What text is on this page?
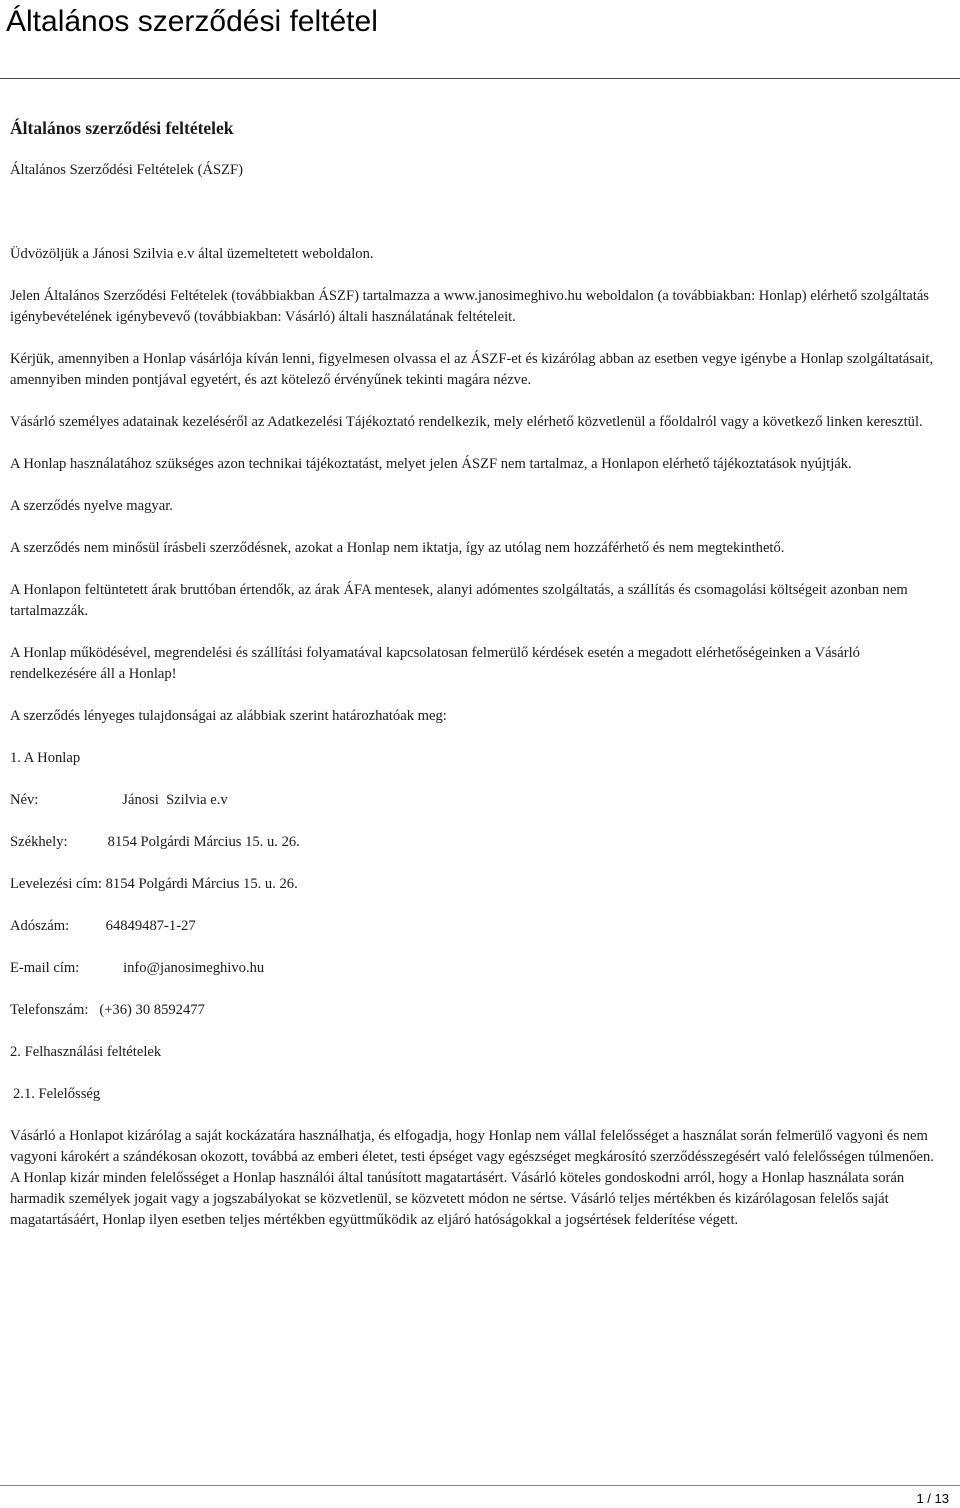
Általános szerződési feltétel
Általános szerződési feltételek

Általános Szerződési Feltételek (ÁSZF)

Üdvözöljük a Jánosi Szilvia e.v által üzemeltetett weboldalon.

Jelen Általános Szerződési Feltételek (továbbiakban ÁSZF) tartalmazza a www.janosimeghivo.hu weboldalon (a továbbiakban: Honlap) elérhető szolgáltatás igénybevételének igénybevevő (továbbiakban: Vásárló) általi használatának feltételeit.

Kérjük, amennyiben a Honlap vásárlója kíván lenni, figyelmesen olvassa el az ÁSZF-et és kizárólag abban az esetben vegye igénybe a Honlap szolgáltatásait, amennyiben minden pontjával egyetért, és azt kötelező érvényűnek tekinti magára nézve.

Vásárló személyes adatainak kezeléséről az Adatkezelési Tájékoztató rendelkezik, mely elérhető közvetlenül a főoldalról vagy a következő linken keresztül.

A Honlap használatához szükséges azon technikai tájékoztatást, melyet jelen ÁSZF nem tartalmaz, a Honlapon elérhető tájékoztatások nyújtják.

A szerződés nyelve magyar.

A szerződés nem minősül írásbeli szerződésnek, azokat a Honlap nem iktatja, így az utólag nem hozzáférhető és nem megtekinthető.

A Honlapon feltüntetett árak bruttóban értendők, az árak ÁFA mentesek, alanyi adómentes szolgáltatás, a szállítás és csomagolási költségeit azonban nem tartalmazzák.

A Honlap működésével, megrendelési és szállítási folyamatával kapcsolatosan felmerülő kérdések esetén a megadott elérhetőségeinken a Vásárló rendelkezésére áll a Honlap!

A szerződés lényeges tulajdonságai az alábbiak szerint határozhatóak meg:

1. A Honlap

Név:                       Jánosi  Szilvia e.v
Székhely:           8154 Polgárdi Március 15. u. 26.
Levelezési cím: 8154 Polgárdi Március 15. u. 26.
Adószám:          64849487-1-27
E-mail cím:            info@janosimeghivo.hu
Telefonszám:   (+36) 30 8592477

2. Felhasználási feltételek

2.1. Felelősség

Vásárló a Honlapot kizárólag a saját kockázatára használhatja, és elfogadja, hogy Honlap nem vállal felelősséget a használat során felmerülő vagyoni és nem vagyoni károkért a szándékosan okozott, továbbá az emberi életet, testi épséget vagy egészséget megkárosító szerződésszegésért való felelősségen túlmenően. A Honlap kizár minden felelősséget a Honlap használói által tanúsított magatartásért. Vásárló köteles gondoskodni arról, hogy a Honlap használata során harmadik személyek jogait vagy a jogszabályokat se közvetlenül, se közvetett módon ne sértse. Vásárló teljes mértékben és kizárólagosan felelős saját magatartásáért, Honlap ilyen esetben teljes mértékben együttműködik az eljáró hatóságokkal a jogsértések felderítése végett.

1 / 13
